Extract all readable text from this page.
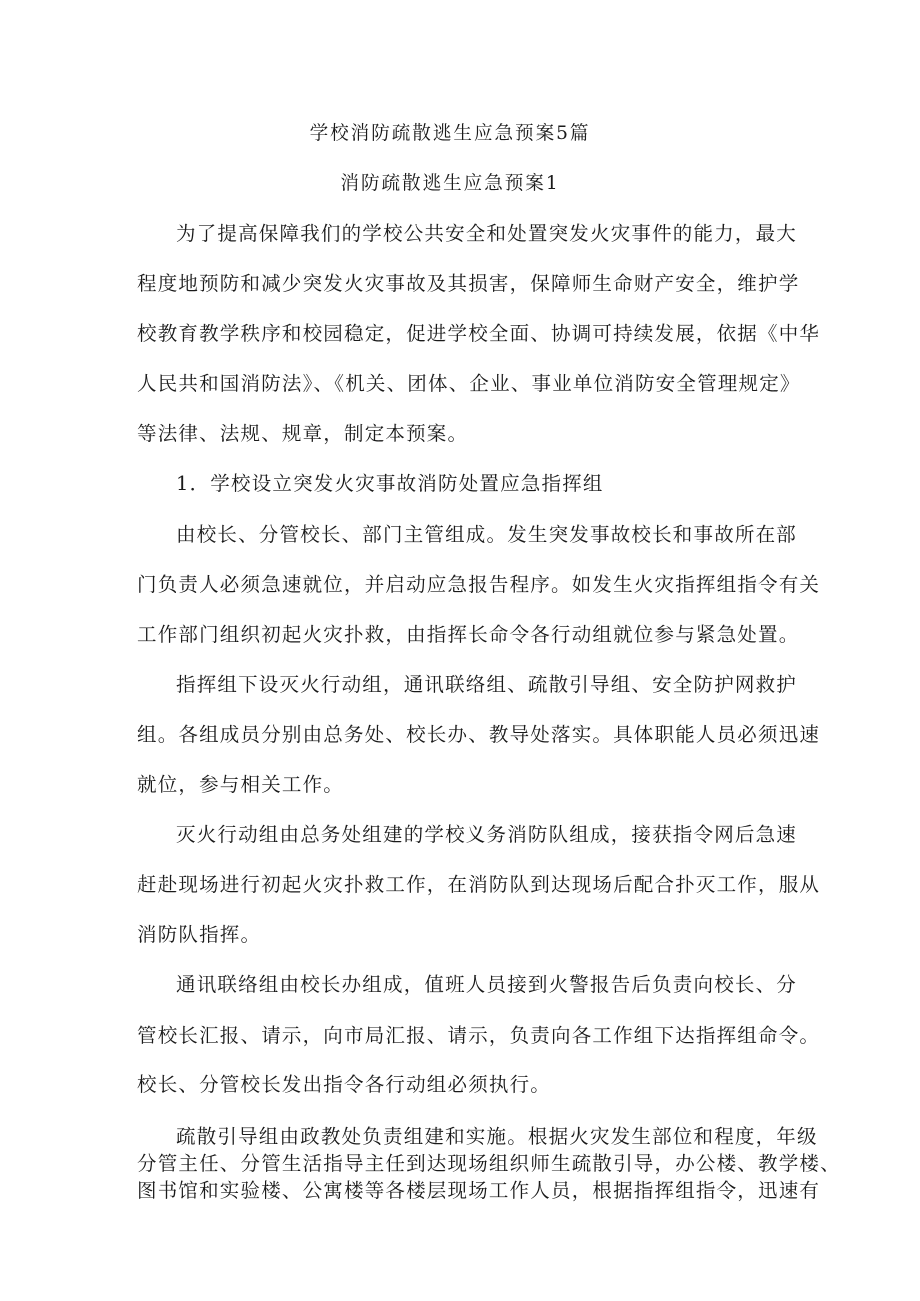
学校消防疏散逃生应急预案5篇
消防疏散逃生应急预案1
为了提高保障我们的学校公共安全和处置突发火灾事件的能力，最大
程度地预防和减少突发火灾事故及其损害，保障师生命财产安全，维护学
校教育教学秩序和校园稳定，促进学校全面、协调可持续发展，依据《中华
人民共和国消防法》、《机关、团体、企业、事业单位消防安全管理规定》
等法律、法规、规章，制定本预案。
1．学校设立突发火灾事故消防处置应急指挥组
由校长、分管校长、部门主管组成。发生突发事故校长和事故所在部
门负责人必须急速就位，并启动应急报告程序。如发生火灾指挥组指令有关
工作部门组织初起火灾扑救，由指挥长命令各行动组就位参与紧急处置。
指挥组下设灭火行动组，通讯联络组、疏散引导组、安全防护网救护
组。各组成员分别由总务处、校长办、教导处落实。具体职能人员必须迅速
就位，参与相关工作。
灭火行动组由总务处组建的学校义务消防队组成，接获指令网后急速
赶赴现场进行初起火灾扑救工作，在消防队到达现场后配合扑灭工作，服从
消防队指挥。
通讯联络组由校长办组成，值班人员接到火警报告后负责向校长、分
管校长汇报、请示，向市局汇报、请示，负责向各工作组下达指挥组命令。
校长、分管校长发出指令各行动组必须执行。
疏散引导组由政教处负责组建和实施。根据火灾发生部位和程度，年级
分管主任、分管生活指导主任到达现场组织师生疏散引导，办公楼、教学楼、
图书馆和实验楼、公寓楼等各楼层现场工作人员，根据指挥组指令，迅速有
